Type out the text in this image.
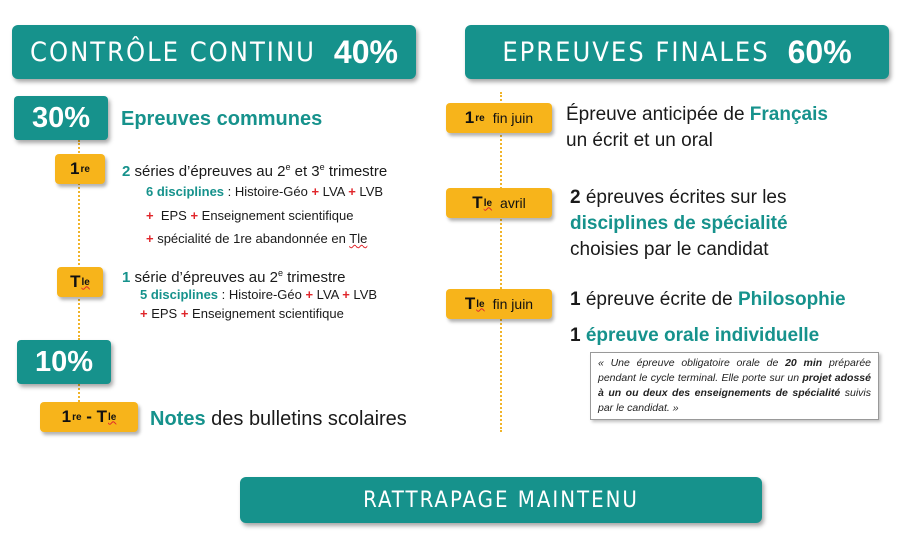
CONTRÔLE CONTINU 40%	EPREUVES FINALES 60%
30% Epreuves communes
1 re 2 séries d’épreuves au 2e et 3e trimestre
6 disciplines : Histoire-Géo + LVA + LVB
+ EPS + Enseignement scientifique
+ spécialité de 1re abandonnée en Tle
T le 1 série d’épreuves au 2e trimestre
5 disciplines : Histoire-Géo + LVA + LVB
+ EPS + Enseignement scientifique
10%
1 re - T le Notes des bulletins scolaires
1 re fin juin Épreuve anticipée de Français
un écrit et un oral
T le avril 2 épreuves écrites sur les
disciplines de spécialité
choisies par le candidat
T le fin juin 1 épreuve écrite de Philosophie
1 épreuve orale individuelle
« Une épreuve obligatoire orale de 20 min préparée pendant le cycle terminal. Elle porte sur un projet adossé à un ou deux des enseignements de spécialité suivis par le candidat. »
RATTRAPAGE MAINTENU
